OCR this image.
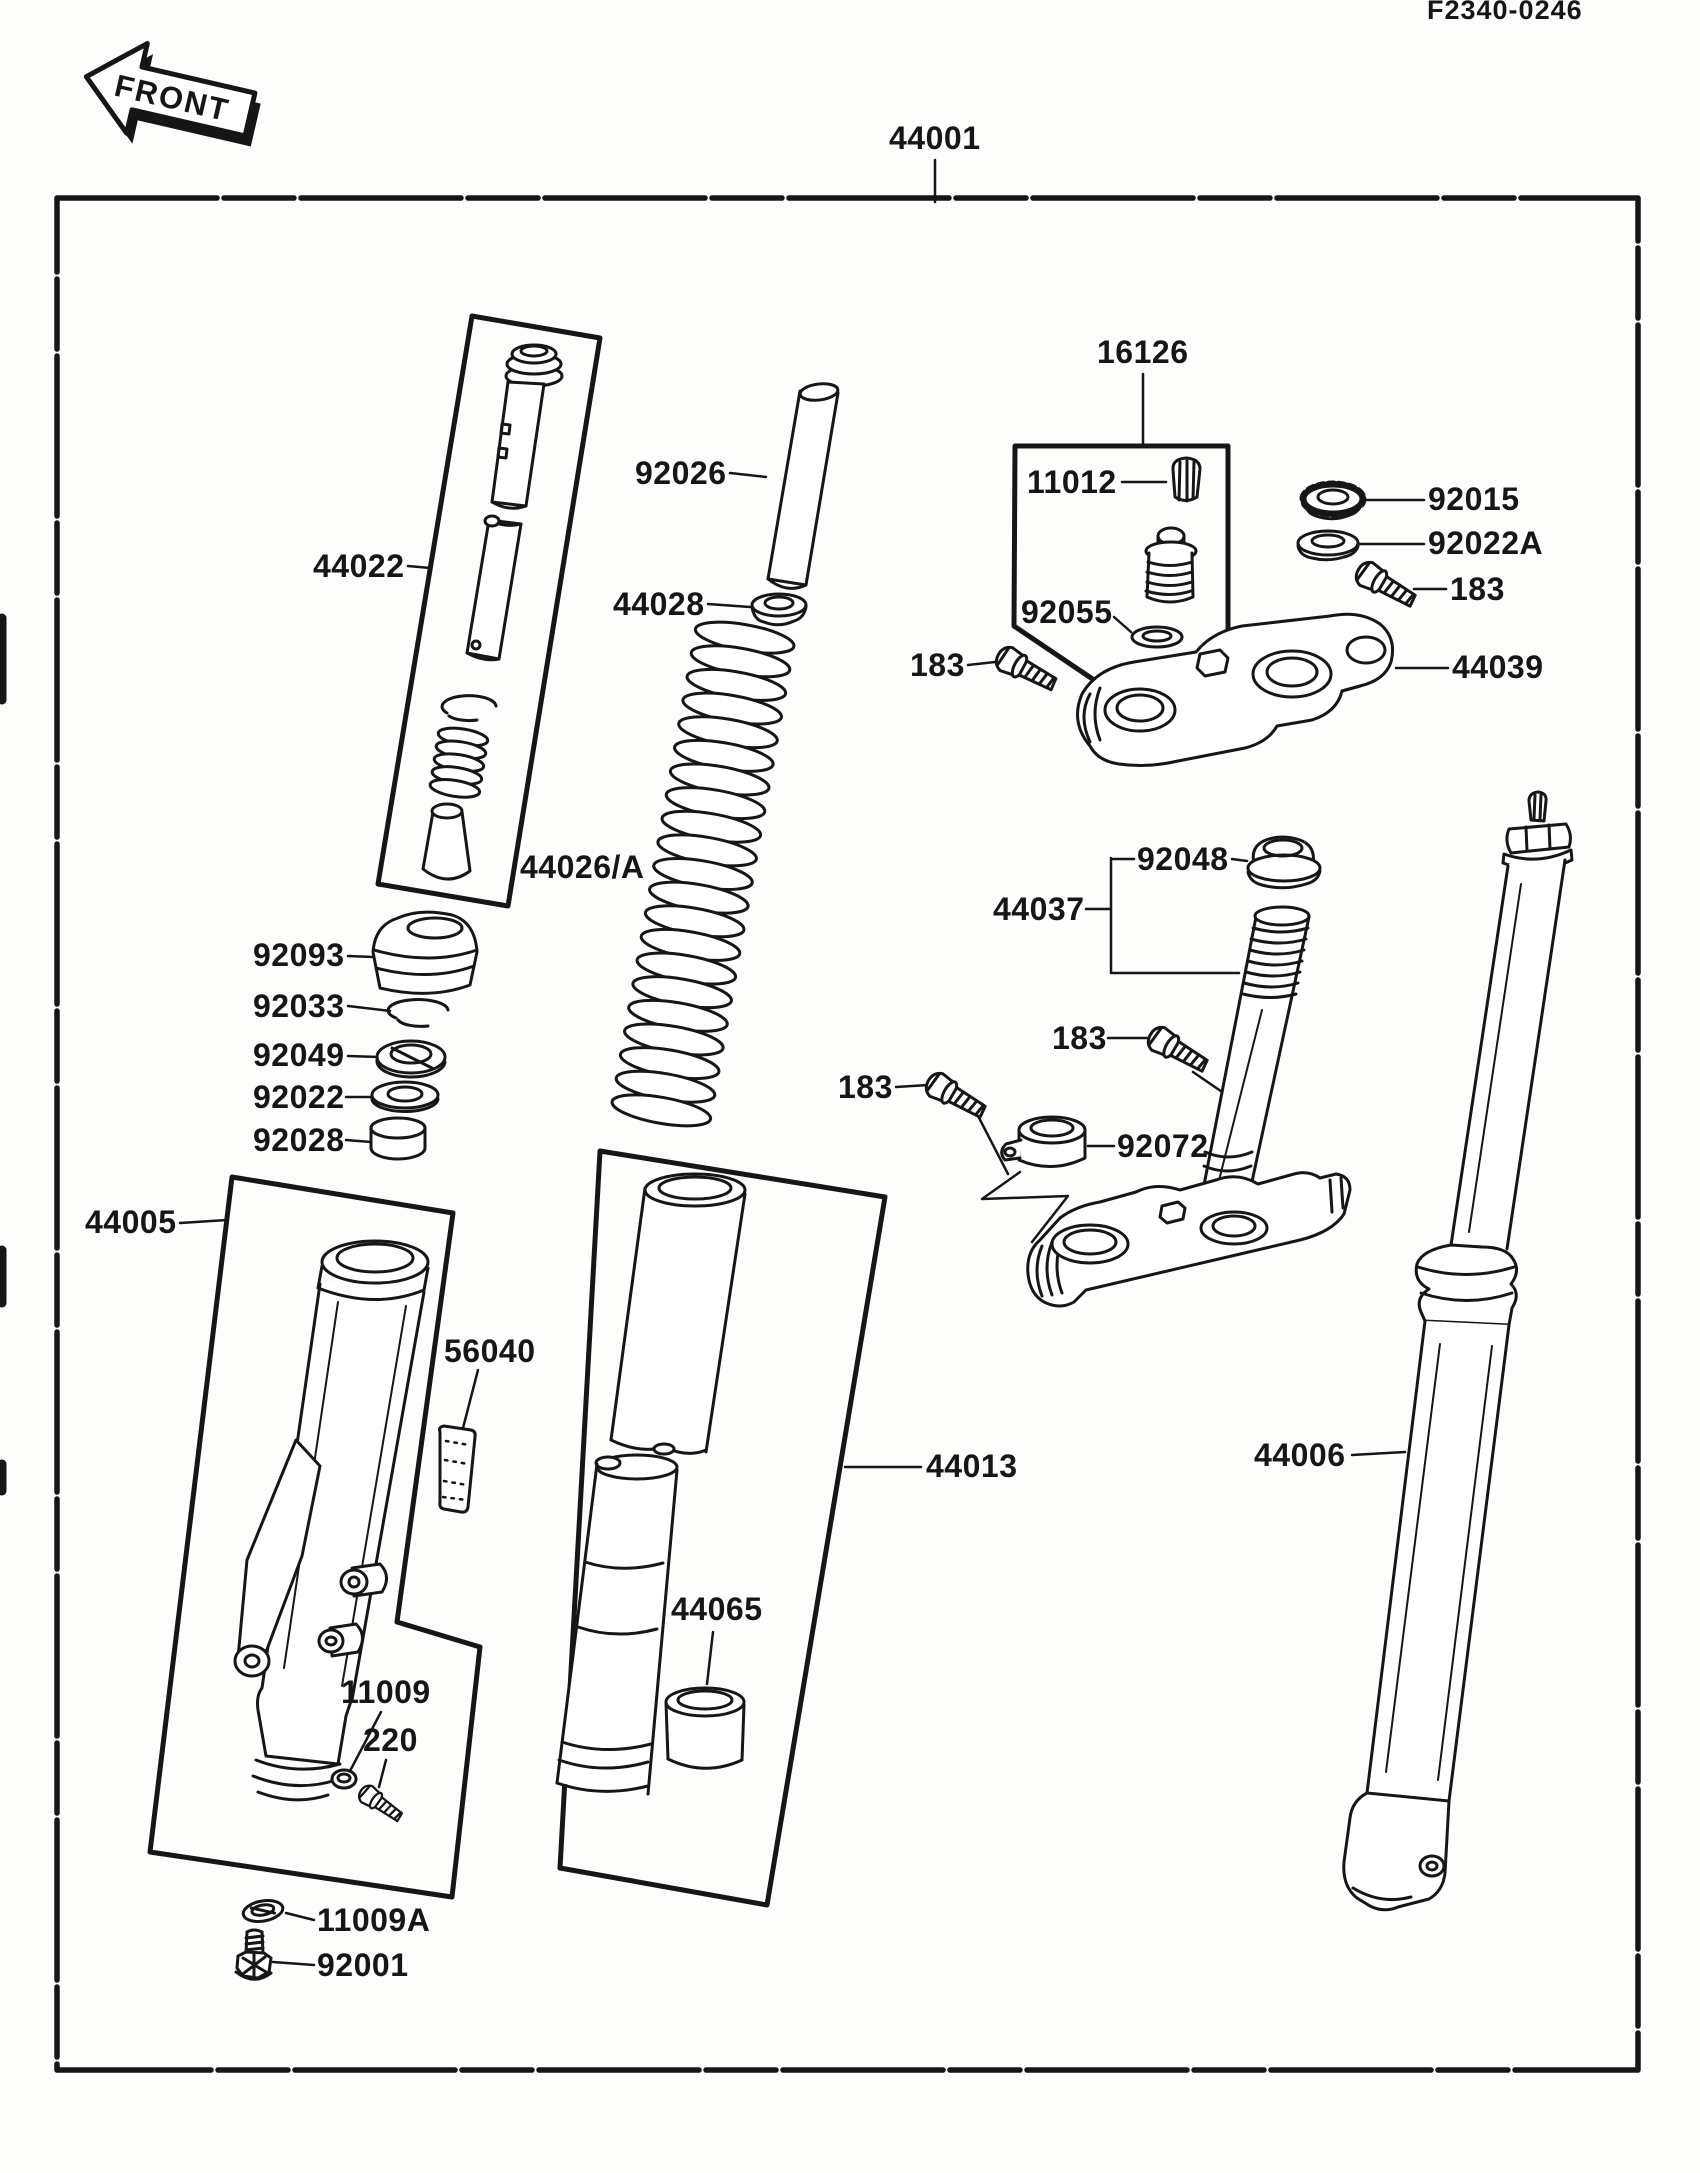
FRONT
F2340-0246
44001
44022
92026
44028
16126
11012
92055
183
92015
92022A
183
44039
92048
44037
183
183
92072
92093
92033
92049
92022
92028
44005
44026/A
56040
44013
44065
11009
220
11009A
92001
44006
